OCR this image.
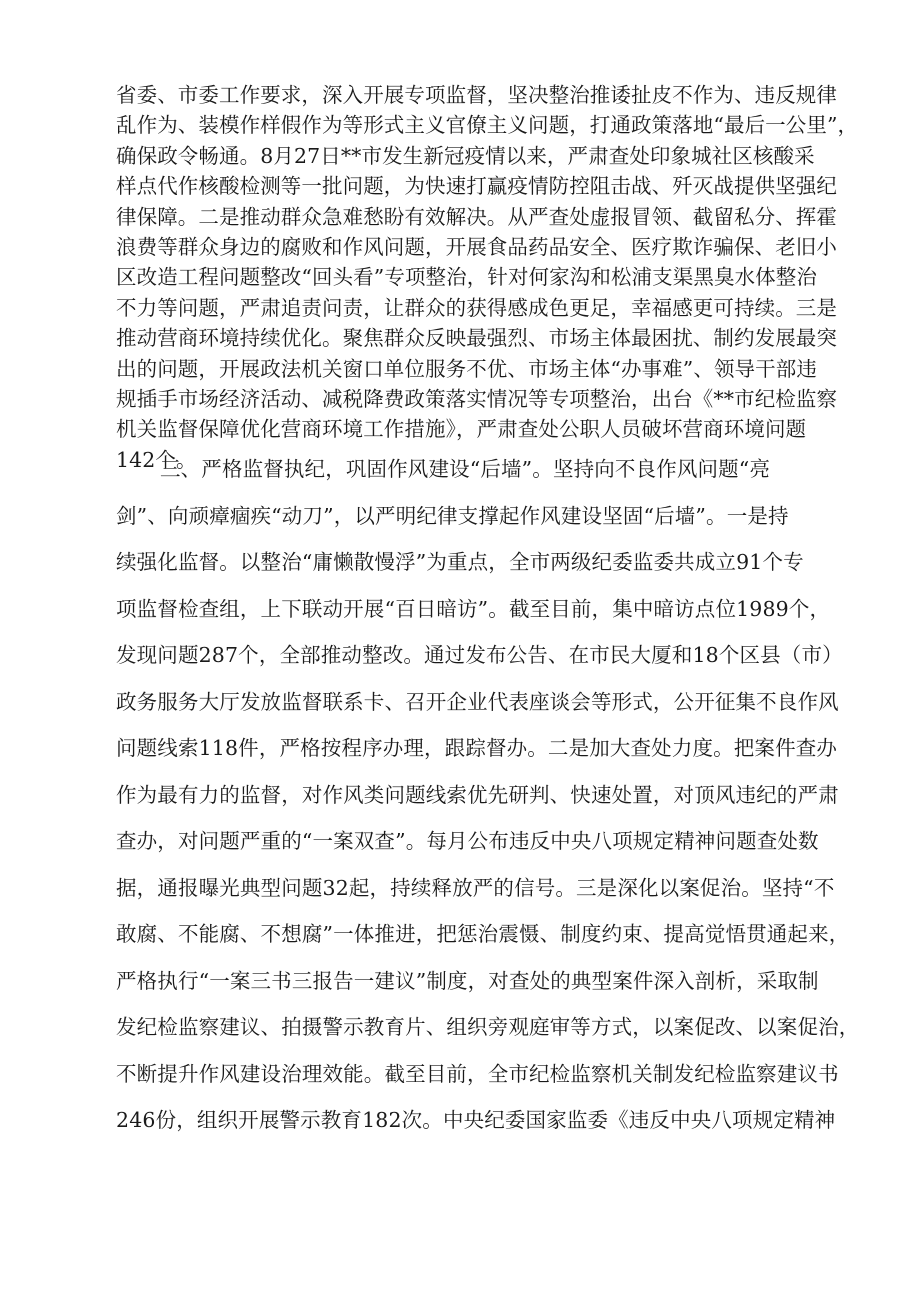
省委、市委工作要求，深入开展专项监督，坚决整治推诿扯皮不作为、违反规律
乱作为、装模作样假作为等形式主义官僚主义问题，打通政策落地“最后一公里”，
确保政令畅通。8月27日**市发生新冠疫情以来，严肃查处印象城社区核酸采
样点代作核酸检测等一批问题，为快速打赢疫情防控阻击战、歼灭战提供坚强纪
律保障。二是推动群众急难愁盼有效解决。从严查处虚报冒领、截留私分、挥霍
浪费等群众身边的腐败和作风问题，开展食品药品安全、医疗欺诈骗保、老旧小
区改造工程问题整改“回头看”专项整治，针对何家沟和松浦支渠黑臭水体整治
不力等问题，严肃追责问责，让群众的获得感成色更足，幸福感更可持续。三是
推动营商环境持续优化。聚焦群众反映最强烈、市场主体最困扰、制约发展最突
出的问题，开展政法机关窗口单位服务不优、市场主体“办事难”、领导干部违
规插手市场经济活动、减税降费政策落实情况等专项整治，出台《**市纪检监察
机关监督保障优化营商环境工作措施》，严肃查处公职人员破坏营商环境问题
142个。
三、严格监督执纪，巩固作风建设“后墙”。坚持向不良作风问题“亮
剑”、向顽瘴痼疾“动刀”，以严明纪律支撑起作风建设坚固“后墙”。一是持
续强化监督。以整治“庸懒散慢浮”为重点，全市两级纪委监委共成立91个专
项监督检查组，上下联动开展“百日暗访”。截至目前，集中暗访点位1989个，
发现问题287个，全部推动整改。通过发布公告、在市民大厦和18个区县（市）
政务服务大厅发放监督联系卡、召开企业代表座谈会等形式，公开征集不良作风
问题线索118件，严格按程序办理，跟踪督办。二是加大查处力度。把案件查办
作为最有力的监督，对作风类问题线索优先研判、快速处置，对顶风违纪的严肃
查办，对问题严重的“一案双查”。每月公布违反中央八项规定精神问题查处数
据，通报曝光典型问题32起，持续释放严的信号。三是深化以案促治。坚持“不
敢腐、不能腐、不想腐”一体推进，把惩治震慑、制度约束、提高觉悟贯通起来，
严格执行“一案三书三报告一建议”制度，对查处的典型案件深入剖析，采取制
发纪检监察建议、拍摄警示教育片、组织旁观庭审等方式，以案促改、以案促治，
不断提升作风建设治理效能。截至目前，全市纪检监察机关制发纪检监察建议书
246份，组织开展警示教育182次。中央纪委国家监委《违反中央八项规定精神
